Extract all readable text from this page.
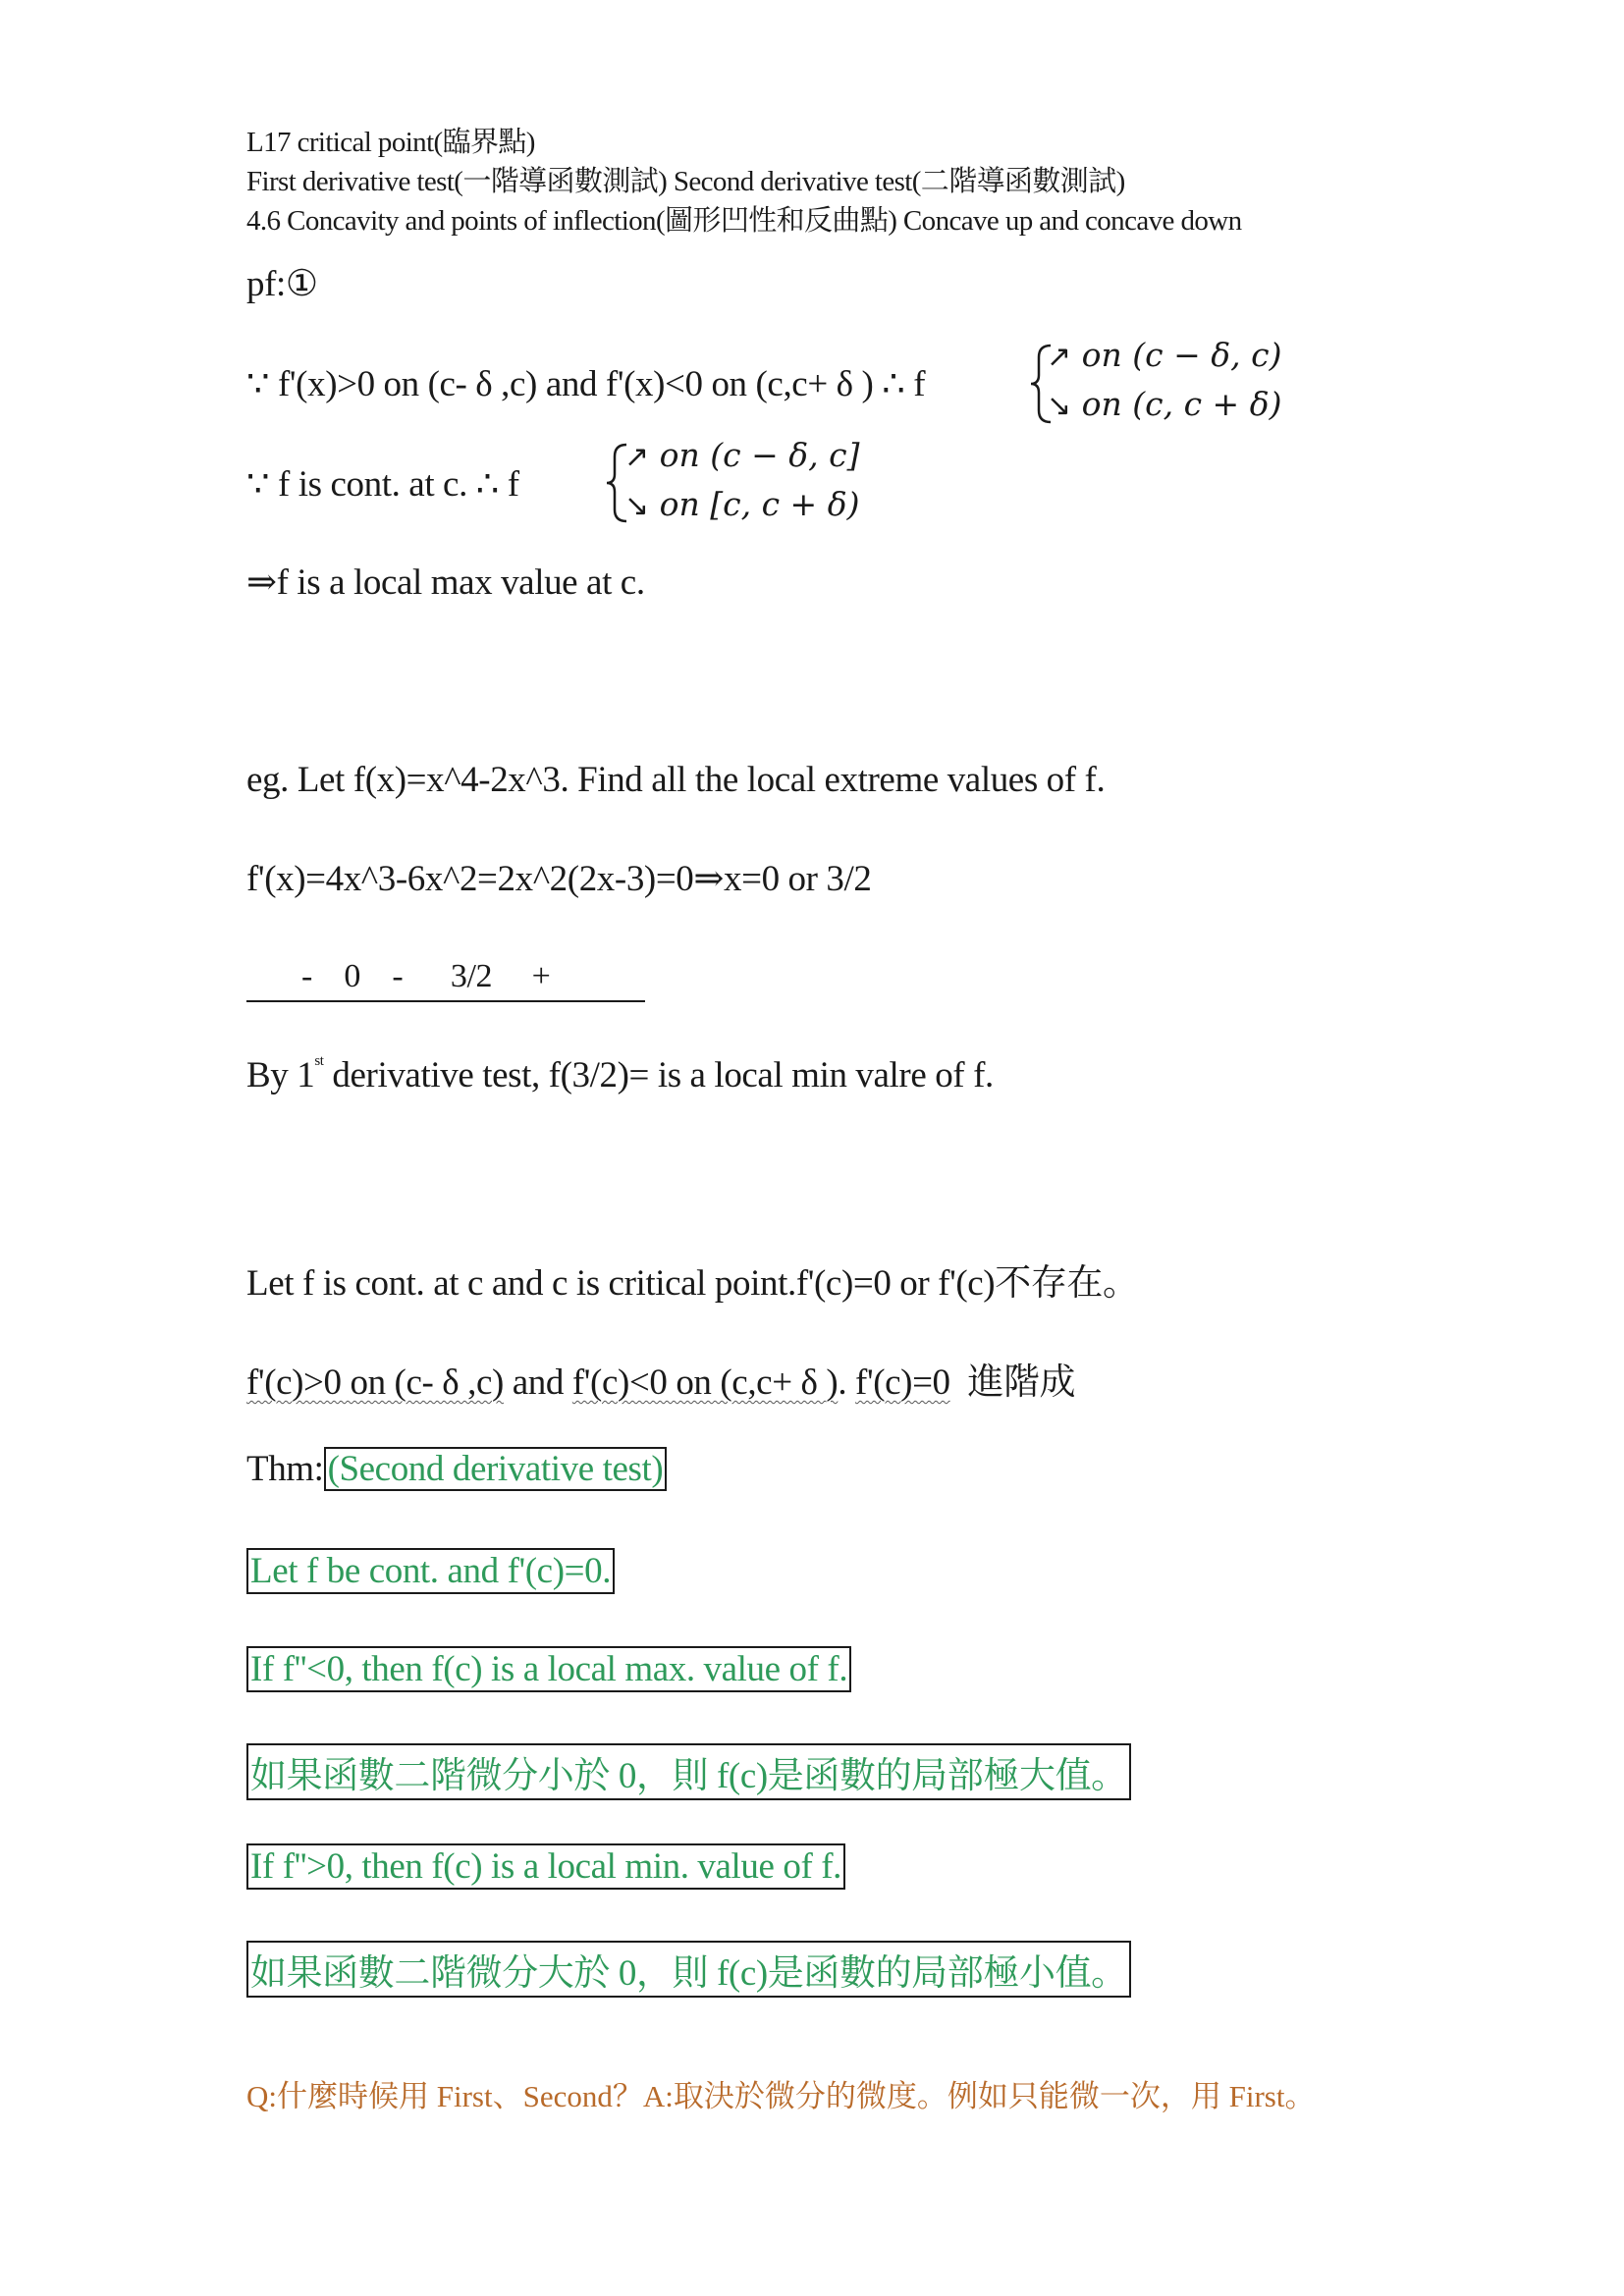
L17 critical point(臨界點)
First derivative test(一階導函數測試) Second derivative test(二階導函數測試)
4.6 Concavity and points of inflection(圖形凹性和反曲點) Concave up and concave down
pf:①
∵ f'(x)>0 on (c- δ ,c) and f'(x)<0 on (c,c+ δ ) ∴ f
↗ on (c − δ, c)
↘ on (c, c + δ)
∵ f is cont. at c. ∴ f
↗ on (c − δ, c]
↘ on [c, c + δ)
⇒f is a local max value at c.
eg. Let f(x)=x^4-2x^3. Find all the local extreme values of f.
f'(x)=4x^3-6x^2=2x^2(2x-3)=0⇒x=0 or 3/2
-    0    -      3/2     +
By 1st derivative test, f(3/2)= is a local min valre of f.
Let f is cont. at c and c is critical point.f'(c)=0 or f'(c)不存在。
f'(c)>0 on (c- δ ,c) and f'(c)<0 on (c,c+ δ ). f'(c)=0  進階成
Thm: (Second derivative test)
Let f be cont. and f'(c)=0.
If f''<0, then f(c) is a local max. value of f.
如果函數二階微分小於 0，則 f(c)是函數的局部極大值。
If f''>0, then f(c) is a local min. value of f.
如果函數二階微分大於 0，則 f(c)是函數的局部極小值。
Q:什麼時候用 First、Second？A:取決於微分的微度。例如只能微一次，用 First。
